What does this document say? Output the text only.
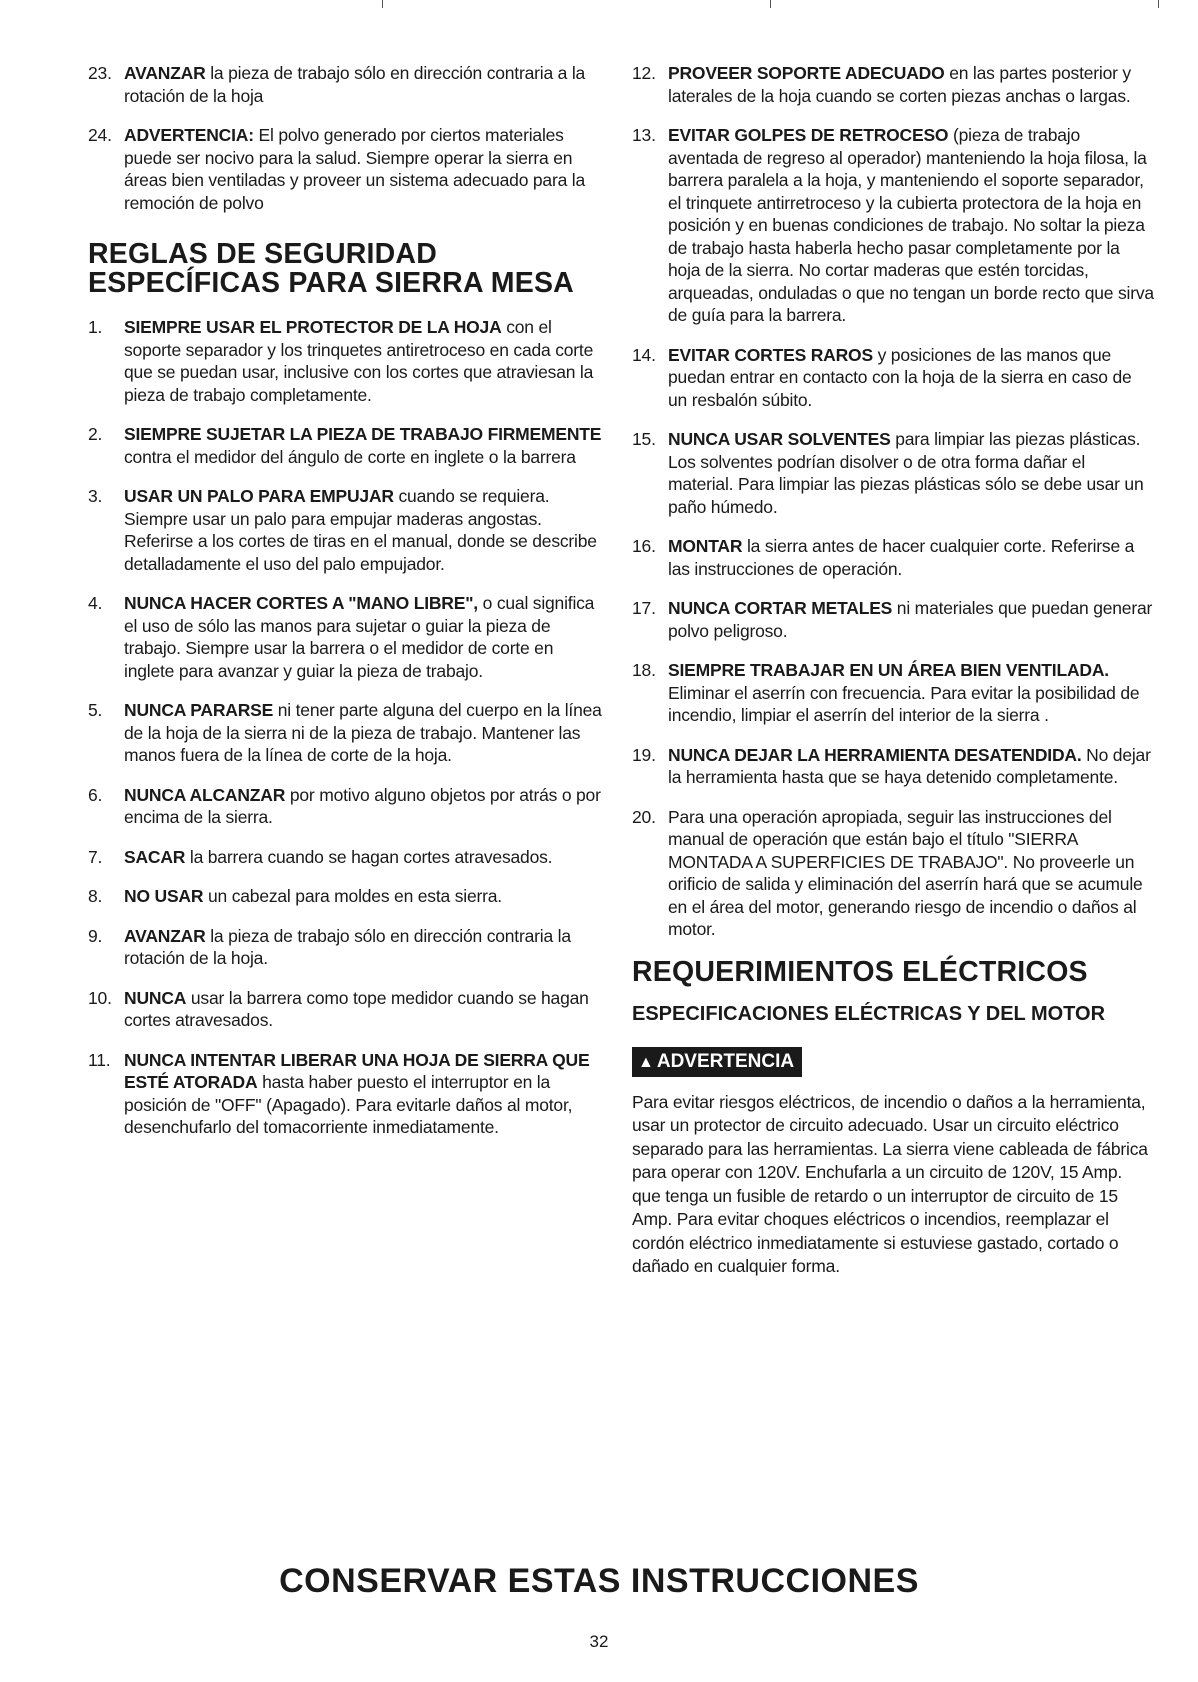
23. AVANZAR la pieza de trabajo sólo en dirección contraria a la rotación de la hoja
24. ADVERTENCIA: El polvo generado por ciertos materiales puede ser nocivo para la salud. Siempre operar la sierra en áreas bien ventiladas y proveer un sistema adecuado para la remoción de polvo
REGLAS DE SEGURIDAD ESPECÍFICAS PARA SIERRA MESA
1. SIEMPRE USAR EL PROTECTOR DE LA HOJA con el soporte separador y los trinquetes antiretroceso en cada corte que se puedan usar, inclusive con los cortes que atraviesan la pieza de trabajo completamente.
2. SIEMPRE SUJETAR LA PIEZA DE TRABAJO FIRMEMENTE contra el medidor del ángulo de corte en inglete o la barrera
3. USAR UN PALO PARA EMPUJAR cuando se requiera. Siempre usar un palo para empujar maderas angostas. Referirse a los cortes de tiras en el manual, donde se describe detalladamente el uso del palo empujador.
4. NUNCA HACER CORTES A "MANO LIBRE", o cual significa el uso de sólo las manos para sujetar o guiar la pieza de trabajo. Siempre usar la barrera o el medidor de corte en inglete para avanzar y guiar la pieza de trabajo.
5. NUNCA PARARSE ni tener parte alguna del cuerpo en la línea de la hoja de la sierra ni de la pieza de trabajo. Mantener las manos fuera de la línea de corte de la hoja.
6. NUNCA ALCANZAR por motivo alguno objetos por atrás o por encima de la sierra.
7. SACAR la barrera cuando se hagan cortes atravesados.
8. NO USAR un cabezal para moldes en esta sierra.
9. AVANZAR la pieza de trabajo sólo en dirección contraria la rotación de la hoja.
10. NUNCA usar la barrera como tope medidor cuando se hagan cortes atravesados.
11. NUNCA INTENTAR LIBERAR UNA HOJA DE SIERRA QUE ESTÉ ATORADA hasta haber puesto el interruptor en la posición de "OFF" (Apagado). Para evitarle daños al motor, desenchufarlo del tomacorriente inmediatamente.
12. PROVEER SOPORTE ADECUADO en las partes posterior y laterales de la hoja cuando se corten piezas anchas o largas.
13. EVITAR GOLPES DE RETROCESO (pieza de trabajo aventada de regreso al operador) manteniendo la hoja filosa, la barrera paralela a la hoja, y manteniendo el soporte separador, el trinquete antirretroceso y la cubierta protectora de la hoja en posición y en buenas condiciones de trabajo. No soltar la pieza de trabajo hasta haberla hecho pasar completamente por la hoja de la sierra. No cortar maderas que estén torcidas, arqueadas, onduladas o que no tengan un borde recto que sirva de guía para la barrera.
14. EVITAR CORTES RAROS y posiciones de las manos que puedan entrar en contacto con la hoja de la sierra en caso de un resbalón súbito.
15. NUNCA USAR SOLVENTES para limpiar las piezas plásticas. Los solventes podrían disolver o de otra forma dañar el material. Para limpiar las piezas plásticas sólo se debe usar un paño húmedo.
16. MONTAR la sierra antes de hacer cualquier corte. Referirse a las instrucciones de operación.
17. NUNCA CORTAR METALES ni materiales que puedan generar polvo peligroso.
18. SIEMPRE TRABAJAR EN UN ÁREA BIEN VENTILADA. Eliminar el aserrín con frecuencia. Para evitar la posibilidad de incendio, limpiar el aserrín del interior de la sierra .
19. NUNCA DEJAR LA HERRAMIENTA DESATENDIDA. No dejar la herramienta hasta que se haya detenido completamente.
20. Para una operación apropiada, seguir las instrucciones del manual de operación que están bajo el título "SIERRA MONTADA A SUPERFICIES DE TRABAJO". No proveerle un orificio de salida y eliminación del aserrín hará que se acumule en el área del motor, generando riesgo de incendio o daños al motor.
REQUERIMIENTOS ELÉCTRICOS
ESPECIFICACIONES ELÉCTRICAS Y DEL MOTOR
▲ ADVERTENCIA
Para evitar riesgos eléctricos, de incendio o daños a la herramienta, usar un protector de circuito adecuado. Usar un circuito eléctrico separado para las herramientas. La sierra viene cableada de fábrica para operar con 120V. Enchufarla a un circuito de 120V, 15 Amp. que tenga un fusible de retardo o un interruptor de circuito de 15 Amp. Para evitar choques eléctricos o incendios, reemplazar el cordón eléctrico inmediatamente si estuviese gastado, cortado o dañado en cualquier forma.
CONSERVAR ESTAS INSTRUCCIONES
32
